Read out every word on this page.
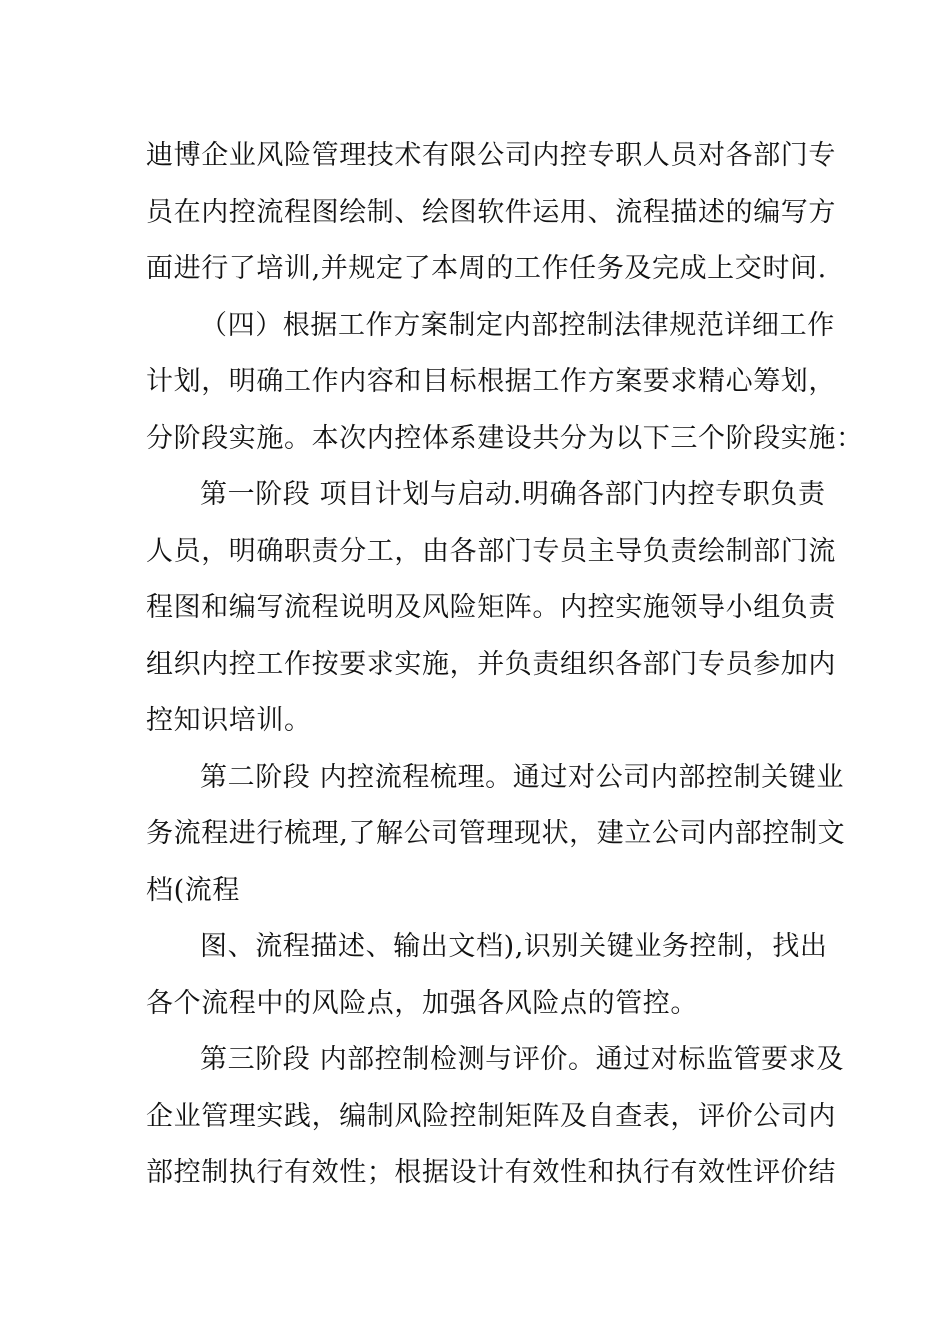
迪博企业风险管理技术有限公司内控专职人员对各部门专
员在内控流程图绘制、绘图软件运用、流程描述的编写方
面进行了培训,并规定了本周的工作任务及完成上交时间.
（四）根据工作方案制定内部控制法律规范详细工作
计划，明确工作内容和目标根据工作方案要求精心筹划，
分阶段实施。本次内控体系建设共分为以下三个阶段实施：
第一阶段 项目计划与启动.明确各部门内控专职负责
人员，明确职责分工，由各部门专员主导负责绘制部门流
程图和编写流程说明及风险矩阵。内控实施领导小组负责
组织内控工作按要求实施，并负责组织各部门专员参加内
控知识培训。
第二阶段 内控流程梳理。通过对公司内部控制关键业
务流程进行梳理,了解公司管理现状，建立公司内部控制文
档(流程
图、流程描述、输出文档),识别关键业务控制，找出
各个流程中的风险点，加强各风险点的管控。
第三阶段 内部控制检测与评价。通过对标监管要求及
企业管理实践，编制风险控制矩阵及自查表，评价公司内
部控制执行有效性；根据设计有效性和执行有效性评价结
